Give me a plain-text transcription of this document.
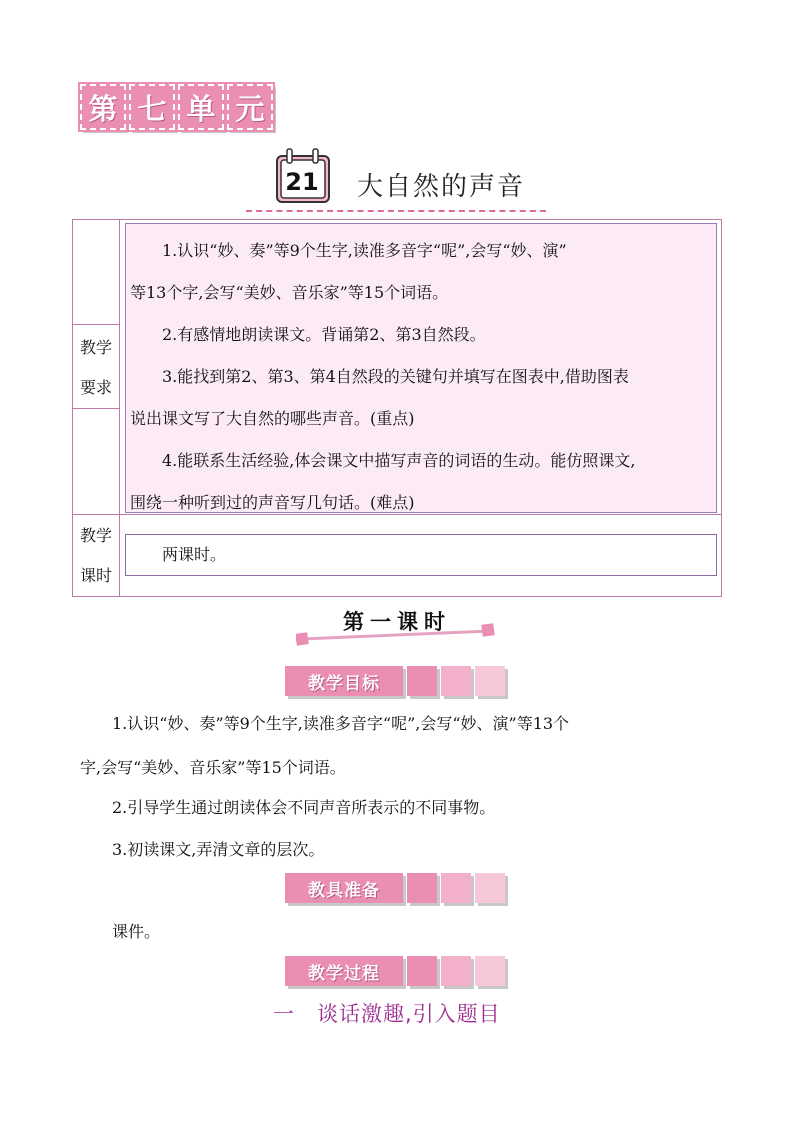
第 七 单 元
21 大自然的声音
教学
要求

1.认识“妙、奏”等9个生字,读准多音字“呢”,会写“妙、演”

等13个字,会写“美妙、音乐家”等15个词语。

2.有感情地朗读课文。背诵第2、第3自然段。

3.能找到第2、第3、第4自然段的关键句并填写在图表中,借助图表

说出课文写了大自然的哪些声音。(重点)

4.能联系生活经验,体会课文中描写声音的词语的生动。能仿照课文,

围绕一种听到过的声音写几句话。(难点)

教学
课时
两课时。
第一课时
教学目标

1.认识“妙、奏”等9个生字,读准多音字“呢”,会写“妙、演”等13个

字,会写“美妙、音乐家”等15个词语。

2.引导学生通过朗读体会不同声音所表示的不同事物。

3.初读课文,弄清文章的层次。

教具准备

课件。

教学过程
一　谈话激趣,引入题目
